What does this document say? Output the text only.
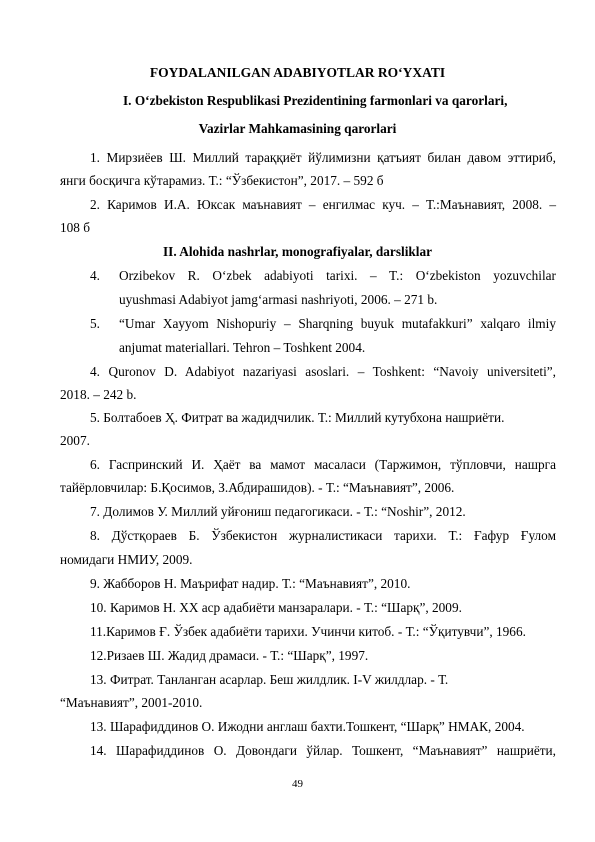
FOYDALANILGAN ADABIYOTLAR RO‘YXATI
I. O‘zbekiston Respublikasi Prezidentining farmonlari va qarorlari,
Vazirlar Mahkamasining qarorlari
1. Мирзиёев Ш. Миллий тараққиёт йўлимизни қатъият билан давом эттириб,
янги босқичга кўтарамиз. Т.: “Ўзбекистон”, 2017. – 592 б
2. Каримов И.А. Юксак маънавият – енгилмас куч. – Т.:Маънавият, 2008. –
108 б
II. Alohida nashrlar, monografiyalar, darsliklar
4. Orzibekov R. O‘zbek adabiyoti tarixi. – T.: O‘zbekiston yozuvchilar
uyushmasi Adabiyot jamg‘armasi nashriyoti, 2006. – 271 b.
5. “Umar Xayyom Nishopuriy – Sharqning buyuk mutafakkuri” xalqaro ilmiy
anjumat materiallari. Tehron – Toshkent 2004.
4. Quronov D. Adabiyot nazariyasi asoslari. – Toshkent: “Navoiy universiteti”,
2018. – 242 b.
5. Болтабоев Ҳ. Фитрат ва жадидчилик. Т.: Миллий кутубхона нашриёти.
2007.
6. Гаспринский И. Ҳаёт ва мамот масаласи (Таржимон, тўпловчи, нашрга
тайёрловчилар: Б.Қосимов, З.Абдирашидов). - Т.: “Маънавият”, 2006.
7. Долимов У. Миллий уйғониш педагогикаси. - Т.: “Noshir”, 2012.
8. Дўстқораев Б. Ўзбекистон журналистикаси тарихи. Т.: Ғафур Ғулом
номидаги НМИУ, 2009.
9. Жабборов Н. Маърифат надир. Т.: “Маънавият”, 2010.
10. Каримов Н. XX аср адабиёти манзаралари. - Т.: “Шарқ”, 2009.
11.Каримов Ғ. Ўзбек адабиёти тарихи. Учинчи китоб. - Т.: “Ўқитувчи”, 1966.
12.Ризаев Ш. Жадид драмаси. - Т.: “Шарқ”, 1997.
13. Фитрат. Танланган асарлар. Беш жилдлик. I-V жилдлар. - Т.
“Маънавият”, 2001-2010.
13. Шарафиддинов О. Ижодни англаш бахти.Тошкент, “Шарқ” НМАК, 2004.
14. Шарафиддинов О. Довондаги ўйлар. Тошкент, “Маънавият” нашриёти,
49
